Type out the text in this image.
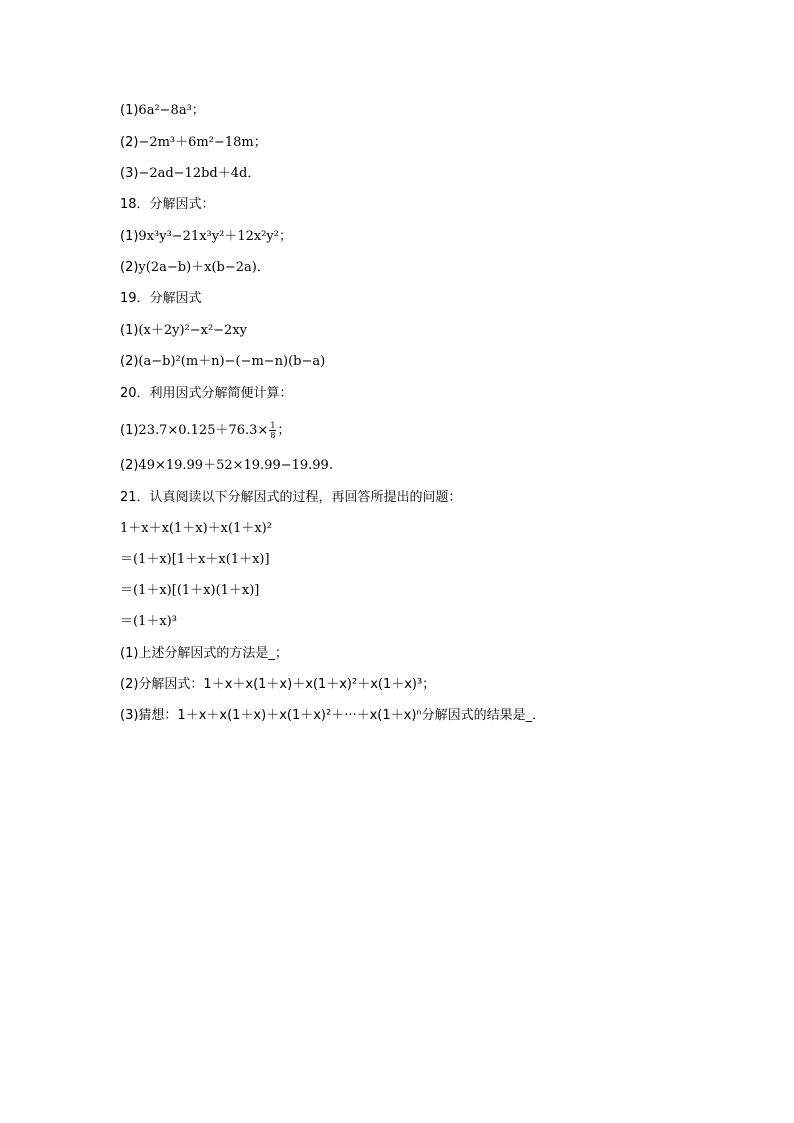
(1)6a²−8a³；
(2)−2m³＋6m²−18m；
(3)−2ad−12bd＋4d．
18．分解因式：
(1)9x³y³−21x³y²＋12x²y²；
(2)y(2a−b)＋x(b−2a)．
19．分解因式
(1)(x＋2y)²−x²−2xy
(2)(a−b)²(m＋n)−(−m−n)(b−a)
20．利用因式分解简便计算：
$(1)23.7\times 0.125+76.3\times \frac{1}{8}$ ；
(2)49×19.99＋52×19.99−19.99.
21．认真阅读以下分解因式的过程，再回答所提出的问题：
1＋x＋x(1＋x)＋x(1＋x)²
＝(1＋x)[1＋x＋x(1＋x)]
＝(1＋x)[(1＋x)(1＋x)]
＝(1＋x)³
(1)上述分解因式的方法是_；
(2)分解因式：1＋x＋x(1＋x)＋x(1＋x)²＋x(1＋x)³；
(3)猜想：1＋x＋x(1＋x)＋x(1＋x)²＋···＋x(1＋x)ⁿ分解因式的结果是_．
